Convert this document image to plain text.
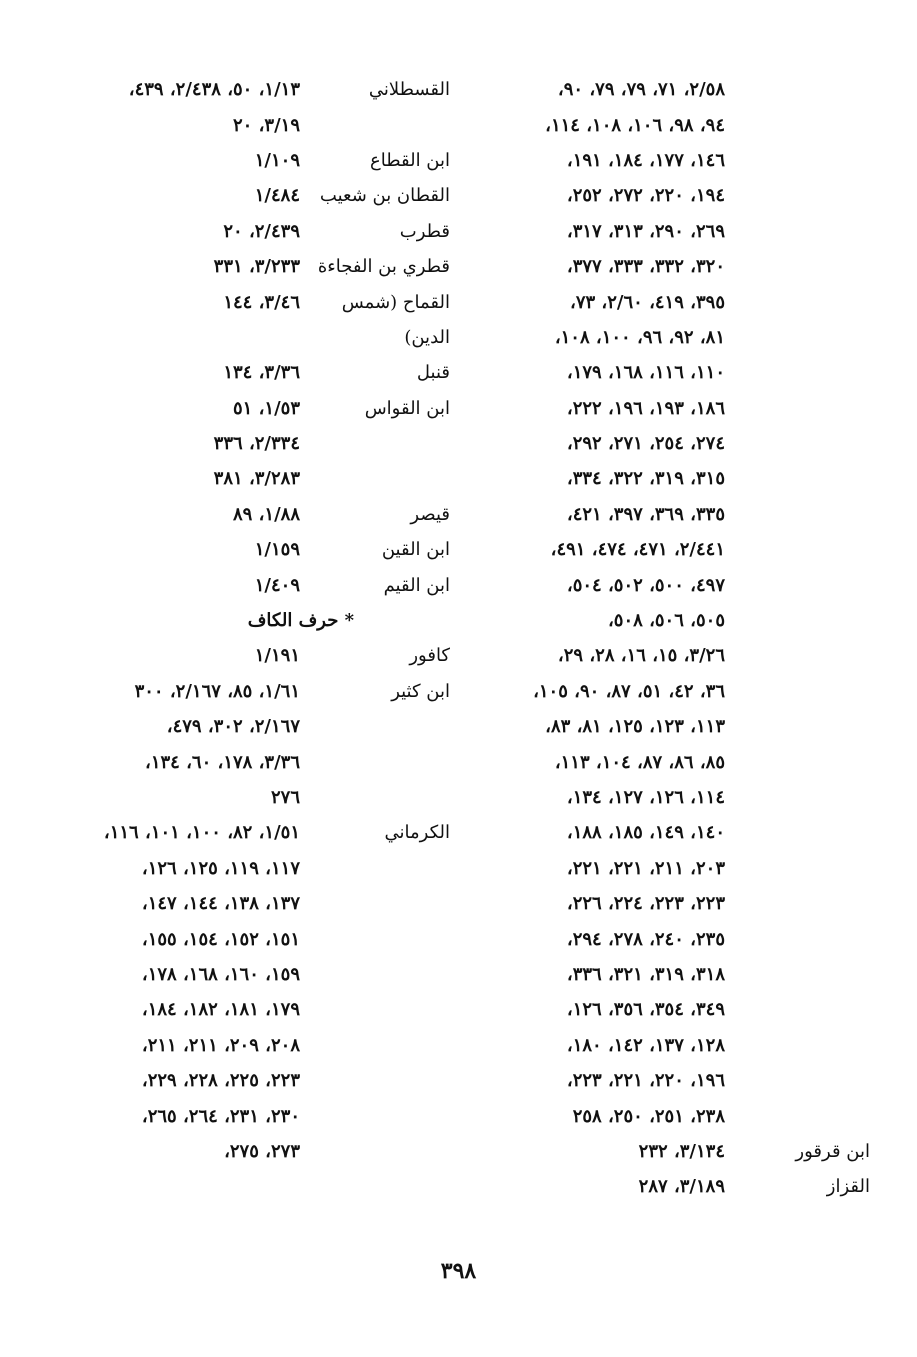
٢/٥٨، ٧١، ٧٩، ٧٩، ٩٠،
٩٤، ٩٨، ١٠٦، ١٠٨، ١١٤،
١٤٦، ١٧٧، ١٨٤، ١٩١،
١٩٤، ٢٢٠، ٢٧٢، ٢٥٢،
٢٦٩، ٢٩٠، ٣١٣، ٣١٧،
٣٢٠، ٣٣٢، ٣٣٣، ٣٧٧،
٣٩٥، ٤١٩، ٢/٦٠، ٧٣،
٨١، ٩٢، ٩٦، ١٠٠، ١٠٨،
١١٠، ١١٦، ١٦٨، ١٧٩،
١٨٦، ١٩٣، ١٩٦، ٢٢٢،
٢٧٤، ٢٥٤، ٢٧١، ٢٩٢،
٣١٥، ٣١٩، ٣٢٢، ٣٣٤،
٣٣٥، ٣٦٩، ٣٩٧، ٤٢١،
٢/٤٤١، ٤٧١، ٤٧٤، ٤٩١،
٤٩٧، ٥٠٠، ٥٠٢، ٥٠٤،
٥٠٥، ٥٠٦، ٥٠٨،
٣/٢٦، ١٥، ١٦، ٢٨، ٢٩،
٣٦، ٤٢، ٥١، ٨٧، ٩٠، ١٠٥،
١١٣، ١٢٣، ١٢٥، ٨١، ٨٣،
٨٥، ٨٦، ٨٧، ١٠٤، ١١٣،
١١٤، ١٢٦، ١٢٧، ١٣٤،
١٤٠، ١٤٩، ١٨٥، ١٨٨،
٢٠٣، ٢١١، ٢٢١، ٢٢١،
٢٢٣، ٢٢٣، ٢٢٤، ٢٢٦،
٢٣٥، ٢٤٠، ٢٧٨، ٢٩٤،
٣١٨، ٣١٩، ٣٢١، ٣٣٦،
٣٤٩، ٣٥٤، ٣٥٦، ١٢٦،
١٢٨، ١٣٧، ١٤٢، ١٨٠،
١٩٦، ٢٢٠، ٢٢١، ٢٢٣،
٢٣٨، ٢٥١، ٢٥٠، ٢٥٨
ابن قرقور
٣/١٣٤، ٢٣٢
القزاز
٣/١٨٩، ٢٨٧
القسطلاني
١/١٣، ٥٠، ٢/٤٣٨، ٤٣٩،
٣/١٩، ٢٠
ابن القطاع
١/١٠٩
القطان بن شعيب
١/٤٨٤
قطرب
٢/٤٣٩، ٢٠
قطري بن الفجاءة
٣/٢٣٣، ٣٣١
القماح (شمس
٣/٤٦، ١٤٤
الدين)
قنبل
٣/٣٦، ١٣٤
ابن القواس
١/٥٣، ٥١
٢/٣٣٤، ٣٣٦
٣/٢٨٣، ٣٨١
قيصر
١/٨٨، ٨٩
ابن القين
١/١٥٩
ابن القيم
١/٤٠٩
* حرف الكاف
كافور
١/١٩١
ابن كثير
١/٦١، ٨٥، ٢/١٦٧، ٣٠٠
٢/١٦٧، ٣٠٢، ٤٧٩،
٣/٣٦، ١٧٨، ٦٠، ١٣٤،
٢٧٦
الكرماني
١/٥١، ٨٢، ١٠٠، ١٠١، ١١٦،
١١٧، ١١٩، ١٢٥، ١٢٦،
١٣٧، ١٣٨، ١٤٤، ١٤٧،
١٥١، ١٥٢، ١٥٤، ١٥٥،
١٥٩، ١٦٠، ١٦٨، ١٧٨،
١٧٩، ١٨١، ١٨٢، ١٨٤،
٢٠٨، ٢٠٩، ٢١١، ٢١١،
٢٢٣، ٢٢٥، ٢٢٨، ٢٢٩،
٢٣٠، ٢٣١، ٢٦٤، ٢٦٥،
٢٧٣، ٢٧٥،
٣٩٨
